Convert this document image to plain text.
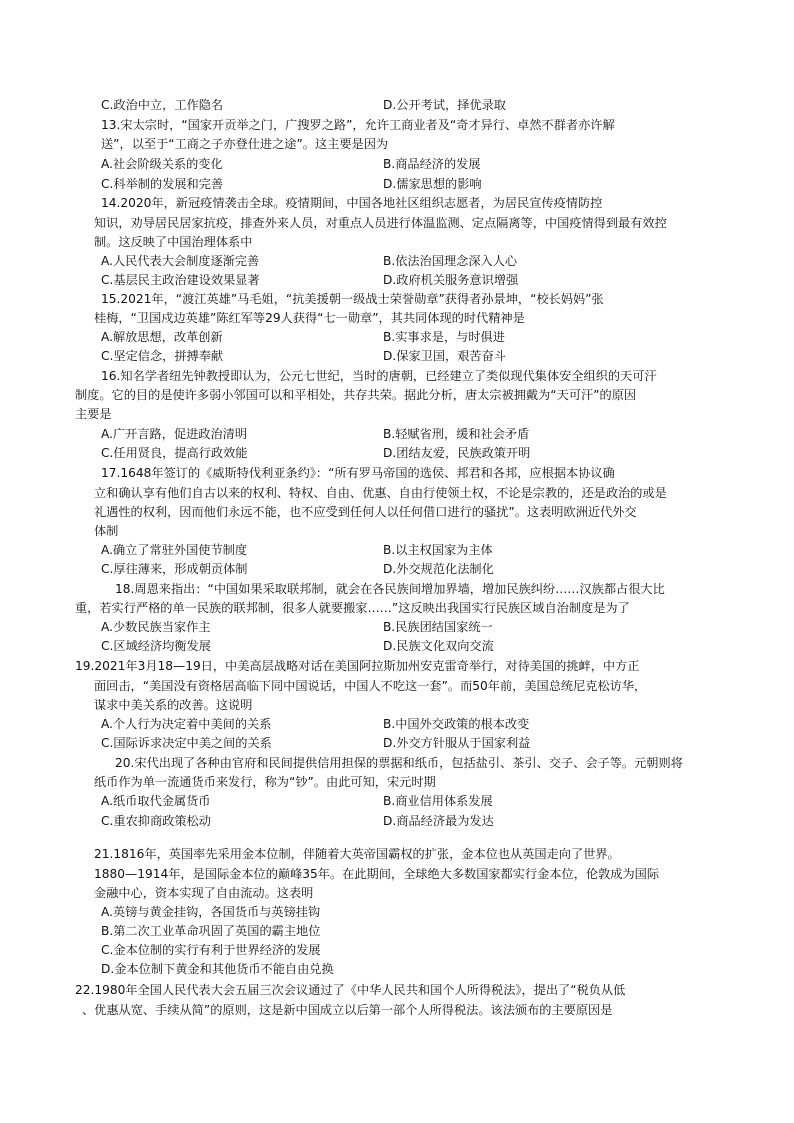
C.政治中立，工作隐名	D.公开考试，择优录取
13.宋太宗时，“国家开贡举之门，广搜罗之路”，允许工商业者及“奇才异行、卓然不群者亦许解
送”，以至于“工商之子亦登仕进之途”。这主要是因为
A.社会阶级关系的变化	B.商品经济的发展
C.科举制的发展和完善	D.儒家思想的影响
14.2020年，新冠疫情袭击全球。疫情期间，中国各地社区组织志愿者，为居民宣传疫情防控
知识，劝导居民居家抗疫，排查外来人员，对重点人员进行体温监测、定点隔离等，中国疫情得到最有效控
制。这反映了中国治理体系中
A.人民代表大会制度逐渐完善	B.依法治国理念深入人心
C.基层民主政治建设效果显著	D.政府机关服务意识增强
15.2021年，“渡江英雄”马毛姐，“抗美援朝一级战士荣誉勋章”获得者孙景坤，“校长妈妈”张
桂梅，“卫国戍边英雄”陈红军等29人获得“七一勋章”，其共同体现的时代精神是
A.解放思想，改革创新	B.实事求是，与时俱进
C.坚定信念，拼搏奉献	D.保家卫国，艰苦奋斗
16.知名学者纽先钟教授即认为，公元七世纪，当时的唐朝，已经建立了类似现代集体安全组织的天可汗
制度。它的目的是使许多弱小邻国可以和平相处，共存共荣。据此分析，唐太宗被拥戴为“天可汗”的原因
主要是
A.广开言路，促进政治清明	B.轻赋省刑，缓和社会矛盾
C.任用贤良，提高行政效能	D.团结友爱，民族政策开明
17.1648年签订的《威斯特伐利亚条约》：“所有罗马帝国的选侯、邦君和各邦，应根据本协议确
立和确认享有他们自古以来的权利、特权、自由、优惠、自由行使领土权，不论是宗教的，还是政治的或是
礼遇性的权利，因而他们永远不能，也不应受到任何人以任何借口进行的骚扰”。这表明欧洲近代外交
体制
A.确立了常驻外国使节制度	B.以主权国家为主体
C.厚往薄来，形成朝贡体制	D.外交规范化法制化
18.周恩来指出：“中国如果采取联邦制，就会在各民族间增加界墙，增加民族纠纷……汉族都占很大比
重，若实行严格的单一民族的联邦制，很多人就要搬家……”这反映出我国实行民族区域自治制度是为了
A.少数民族当家作主	B.民族团结国家统一
C.区域经济均衡发展	D.民族文化双向交流
19.2021年3月18—19日，中美高层战略对话在美国阿拉斯加州安克雷奇举行，对待美国的挑衅，中方正
面回击，“美国没有资格居高临下同中国说话，中国人不吃这一套”。而50年前，美国总统尼克松访华，
谋求中美关系的改善。这说明
A.个人行为决定着中美间的关系	B.中国外交政策的根本改变
C.国际诉求决定中美之间的关系	D.外交方针服从于国家利益
20.宋代出现了各种由官府和民间提供信用担保的票据和纸币，包括盐引、茶引、交子、会子等。元朝则将
纸币作为单一流通货币来发行，称为“钞”。由此可知，宋元时期
A.纸币取代金属货币	B.商业信用体系发展
C.重农抑商政策松动	D.商品经济最为发达
21.1816年，英国率先采用金本位制，伴随着大英帝国霸权的扩张，金本位也从英国走向了世界。
1880—1914年，是国际金本位的巅峰35年。在此期间，全球绝大多数国家都实行金本位，伦敦成为国际
金融中心，资本实现了自由流动。这表明
A.英镑与黄金挂钩，各国货币与英镑挂钩
B.第二次工业革命巩固了英国的霸主地位
C.金本位制的实行有利于世界经济的发展
D.金本位制下黄金和其他货币不能自由兑换
22.1980年全国人民代表大会五届三次会议通过了《中华人民共和国个人所得税法》，提出了“税负从低
、优惠从宽、手续从简”的原则，这是新中国成立以后第一部个人所得税法。该法颁布的主要原因是
